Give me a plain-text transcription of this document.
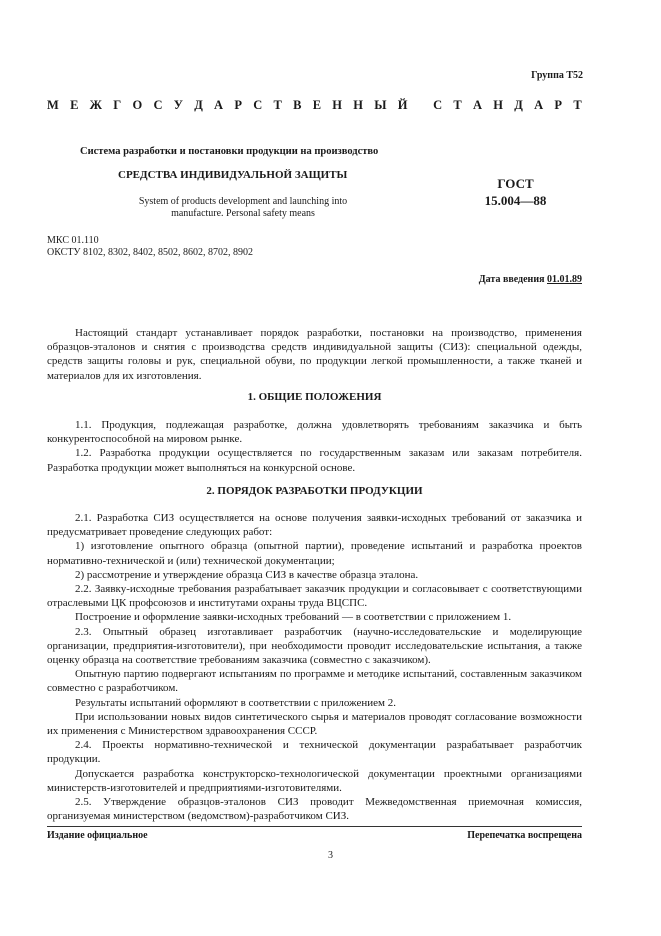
Группа Т52
М Е Ж Г О С У Д А Р С Т В Е Н Н Ы Й
С Т А Н Д А Р Т
Система разработки и постановки продукции на производство
СРЕДСТВА ИНДИВИДУАЛЬНОЙ ЗАЩИТЫ
System of products development and launching into manufacture. Personal safety means
ГОСТ
15.004—88
МКС 01.110
ОКСТУ 8102, 8302, 8402, 8502, 8602, 8702, 8902
Дата введения 01.01.89

Настоящий стандарт устанавливает порядок разработки, постановки на производство, применения образцов-эталонов и снятия с производства средств индивидуальной защиты (СИЗ): специальной одежды, средств защиты головы и рук, специальной обуви, по продукции легкой промышленности, а также тканей и материалов для их изготовления.

1. ОБЩИЕ ПОЛОЖЕНИЯ

1.1. Продукция, подлежащая разработке, должна удовлетворять требованиям заказчика и быть конкурентоспособной на мировом рынке.

1.2. Разработка продукции осуществляется по государственным заказам или заказам потребителя. Разработка продукции может выполняться на конкурсной основе.

2. ПОРЯДОК РАЗРАБОТКИ ПРОДУКЦИИ

2.1. Разработка СИЗ осуществляется на основе получения заявки-исходных требований от заказчика и предусматривает проведение следующих работ:

1) изготовление опытного образца (опытной партии), проведение испытаний и разработка проектов нормативно-технической и (или) технической документации;

2) рассмотрение и утверждение образца СИЗ в качестве образца эталона.

2.2. Заявку-исходные требования разрабатывает заказчик продукции и согласовывает с соответствующими отраслевыми ЦК профсоюзов и институтами охраны труда ВЦСПС.

Построение и оформление заявки-исходных требований — в соответствии с приложением 1.

2.3. Опытный образец изготавливает разработчик (научно-исследовательские и моделирующие организации, предприятия-изготовители), при необходимости проводит исследовательские испытания, а также оценку образца на соответствие требованиям заказчика (совместно с заказчиком).

Опытную партию подвергают испытаниям по программе и методике испытаний, составленным заказчиком совместно с разработчиком.

Результаты испытаний оформляют в соответствии с приложением 2.

При использовании новых видов синтетического сырья и материалов проводят согласование возможности их применения с Министерством здравоохранения СССР.

2.4. Проекты нормативно-технической и технической документации разрабатывает разработчик продукции.

Допускается разработка конструкторско-технологической документации проектными организациями министерств-изготовителей и предприятиями-изготовителями.

2.5. Утверждение образцов-эталонов СИЗ проводит Межведомственная приемочная комиссия, организуемая министерством (ведомством)-разработчиком СИЗ.

Издание официальное	Перепечатка воспрещена
3
